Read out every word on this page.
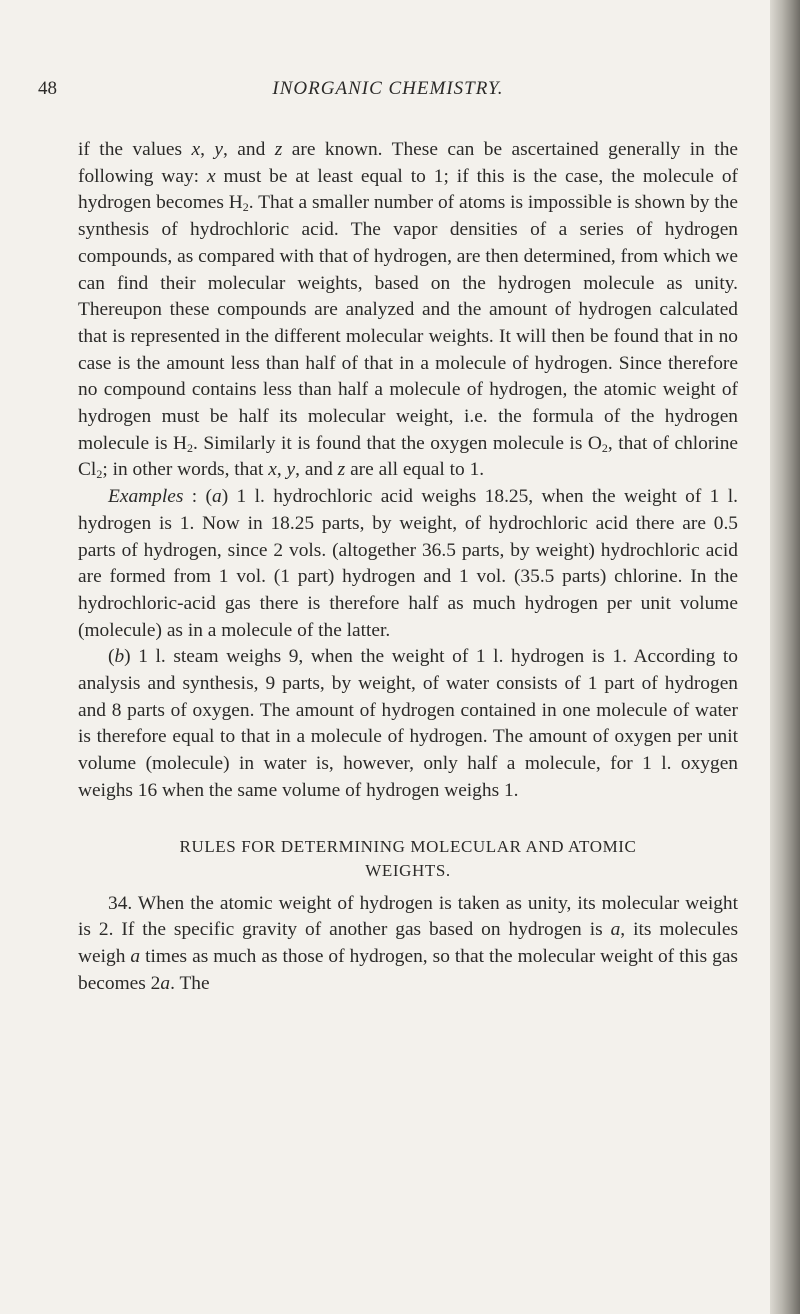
48	INORGANIC CHEMISTRY.

if the values x, y, and z are known. These can be ascertained generally in the following way: x must be at least equal to 1; if this is the case, the molecule of hydrogen becomes $H_2$. That a smaller number of atoms is impossible is shown by the synthesis of hydrochloric acid. The vapor densities of a series of hydrogen compounds, as compared with that of hydrogen, are then determined, from which we can find their molecular weights, based on the hydrogen molecule as unity. Thereupon these compounds are analyzed and the amount of hydrogen calculated that is represented in the different molecular weights. It will then be found that in no case is the amount less than half of that in a molecule of hydrogen. Since therefore no compound contains less than half a molecule of hydrogen, the atomic weight of hydrogen must be half its molecular weight, i.e. the formula of the hydrogen molecule is $H_2$. Similarly it is found that the oxygen molecule is $O_2$, that of chlorine $Cl_2$; in other words, that x, y, and z are all equal to 1.

Examples : (a) 1 l. hydrochloric acid weighs 18.25, when the weight of 1 l. hydrogen is 1. Now in 18.25 parts, by weight, of hydrochloric acid there are 0.5 parts of hydrogen, since 2 vols. (altogether 36.5 parts, by weight) hydrochloric acid are formed from 1 vol. (1 part) hydrogen and 1 vol. (35.5 parts) chlorine. In the hydrochloric-acid gas there is therefore half as much hydrogen per unit volume (molecule) as in a molecule of the latter.

(b) 1 l. steam weighs 9, when the weight of 1 l. hydrogen is 1. According to analysis and synthesis, 9 parts, by weight, of water consists of 1 part of hydrogen and 8 parts of oxygen. The amount of hydrogen contained in one molecule of water is therefore equal to that in a molecule of hydrogen. The amount of oxygen per unit volume (molecule) in water is, however, only half a molecule, for 1 l. oxygen weighs 16 when the same volume of hydrogen weighs 1.

RULES FOR DETERMINING MOLECULAR AND ATOMIC
WEIGHTS.

34. When the atomic weight of hydrogen is taken as unity, its molecular weight is 2. If the specific gravity of another gas based on hydrogen is a, its molecules weigh a times as much as those of hydrogen, so that the molecular weight of this gas becomes 2a. The
